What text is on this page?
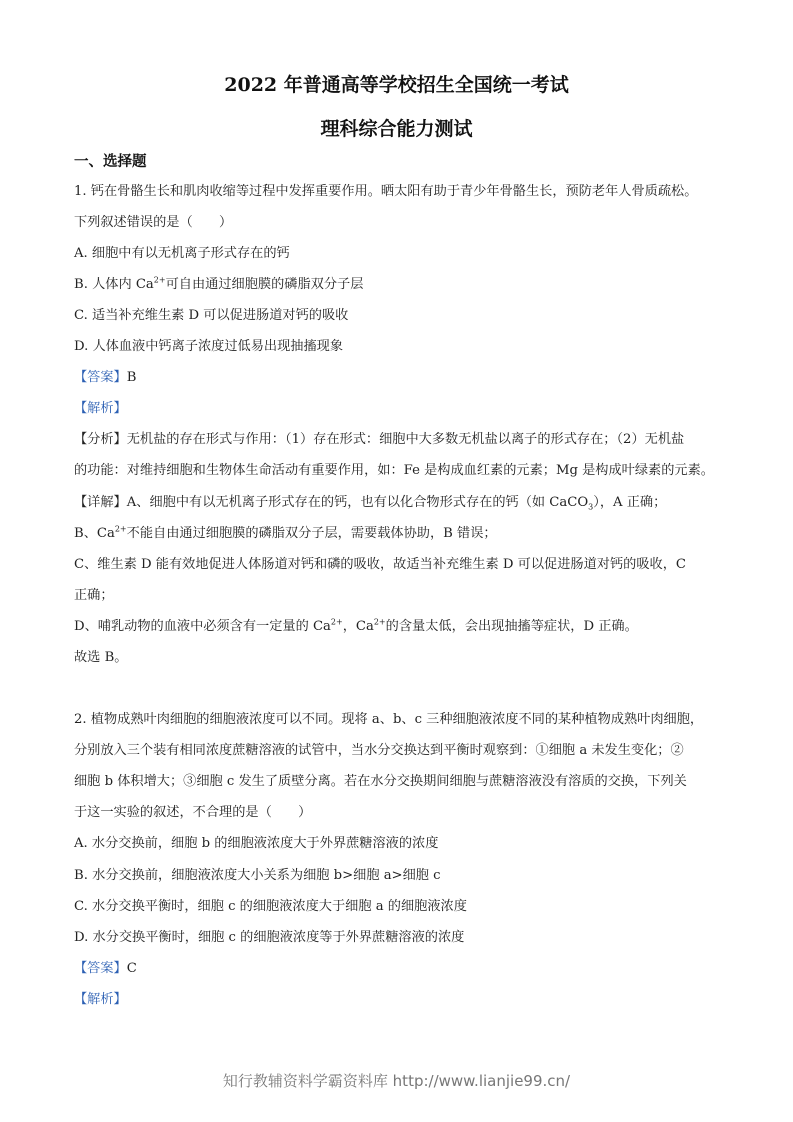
2022 年普通高等学校招生全国统一考试
理科综合能力测试
一、选择题
1. 钙在骨骼生长和肌肉收缩等过程中发挥重要作用。晒太阳有助于青少年骨骼生长，预防老年人骨质疏松。
下列叙述错误的是（　　）
A. 细胞中有以无机离子形式存在的钙
B. 人体内 $Ca^{2+}$可自由通过细胞膜的磷脂双分子层
C. 适当补充维生素 D 可以促进肠道对钙的吸收
D. 人体血液中钙离子浓度过低易出现抽搐现象
【答案】B
【解析】
【分析】无机盐的存在形式与作用：（1）存在形式：细胞中大多数无机盐以离子的形式存在；（2）无机盐
的功能：对维持细胞和生物体生命活动有重要作用，如：Fe 是构成血红素的元素；Mg 是构成叶绿素的元素。
【详解】A、细胞中有以无机离子形式存在的钙，也有以化合物形式存在的钙（如 CaCO$_3$），A 正确；
B、$Ca^{2+}$不能自由通过细胞膜的磷脂双分子层，需要载体协助，B 错误；
C、维生素 D 能有效地促进人体肠道对钙和磷的吸收，故适当补充维生素 D 可以促进肠道对钙的吸收，C
正确；
D、哺乳动物的血液中必须含有一定量的 $Ca^{2+}$，$Ca^{2+}$的含量太低，会出现抽搐等症状，D 正确。
故选 B。
2. 植物成熟叶肉细胞的细胞液浓度可以不同。现将 a、b、c 三种细胞液浓度不同的某种植物成熟叶肉细胞，
分别放入三个装有相同浓度蔗糖溶液的试管中，当水分交换达到平衡时观察到：①细胞 a 未发生变化；②
细胞 b 体积增大；③细胞 c 发生了质壁分离。若在水分交换期间细胞与蔗糖溶液没有溶质的交换，下列关
于这一实验的叙述，不合理的是（　　）
A. 水分交换前，细胞 b 的细胞液浓度大于外界蔗糖溶液的浓度
B. 水分交换前，细胞液浓度大小关系为细胞 b>细胞 a>细胞 c
C. 水分交换平衡时，细胞 c 的细胞液浓度大于细胞 a 的细胞液浓度
D. 水分交换平衡时，细胞 c 的细胞液浓度等于外界蔗糖溶液的浓度
【答案】C
【解析】
知行教辅资料学霸资料库 http://www.lianjie99.cn/
